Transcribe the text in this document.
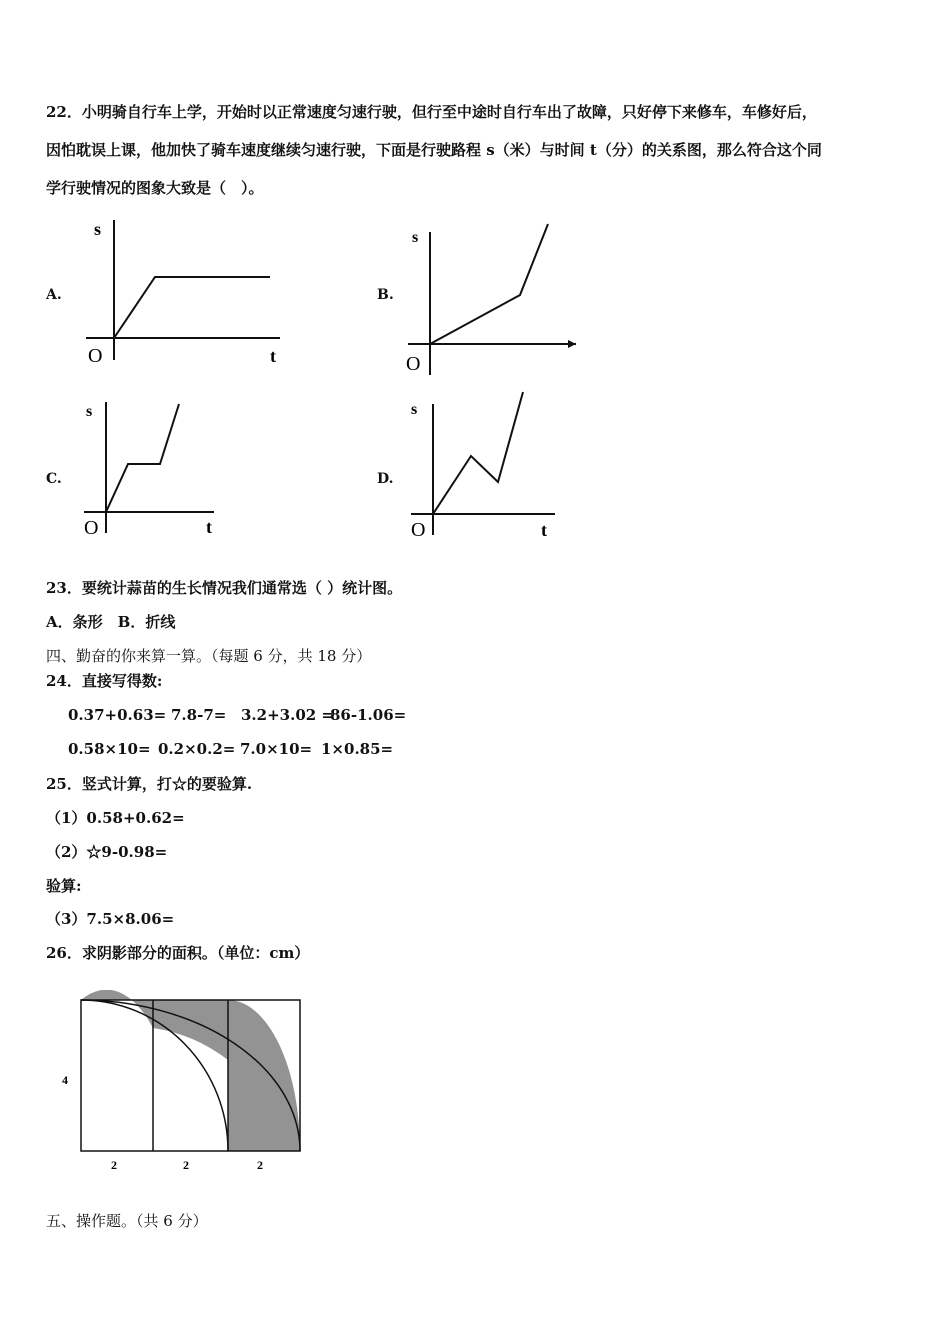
22．小明骑自行车上学，开始时以正常速度匀速行驶，但行至中途时自行车出了故障，只好停下来修车，车修好后，
因怕耽误上课，他加快了骑车速度继续匀速行驶，下面是行驶路程 s（米）与时间 t（分）的关系图，那么符合这个同
学行驶情况的图象大致是（　）。
A.	B.
C.	D.
s
t
O
s
O
s
t
O
s
t
O
23．要统计蒜苗的生长情况我们通常选（ ）统计图。
A．条形　B．折线
四、勤奋的你来算一算。（每题 6 分，共 18 分）
24．直接写得数:
0.37+0.63= 7.8-7= 3.2+3.02 =86-1.06=
0.58×10= 0.2×0.2= 7.0×10= 1×0.85=
25．竖式计算，打☆的要验算.
（1）0.58+0.62=
（2）☆9-0.98=
验算:
（3）7.5×8.06=
26．求阴影部分的面积。（单位：cm）
4
2	2	2
五、操作题。（共 6 分）
